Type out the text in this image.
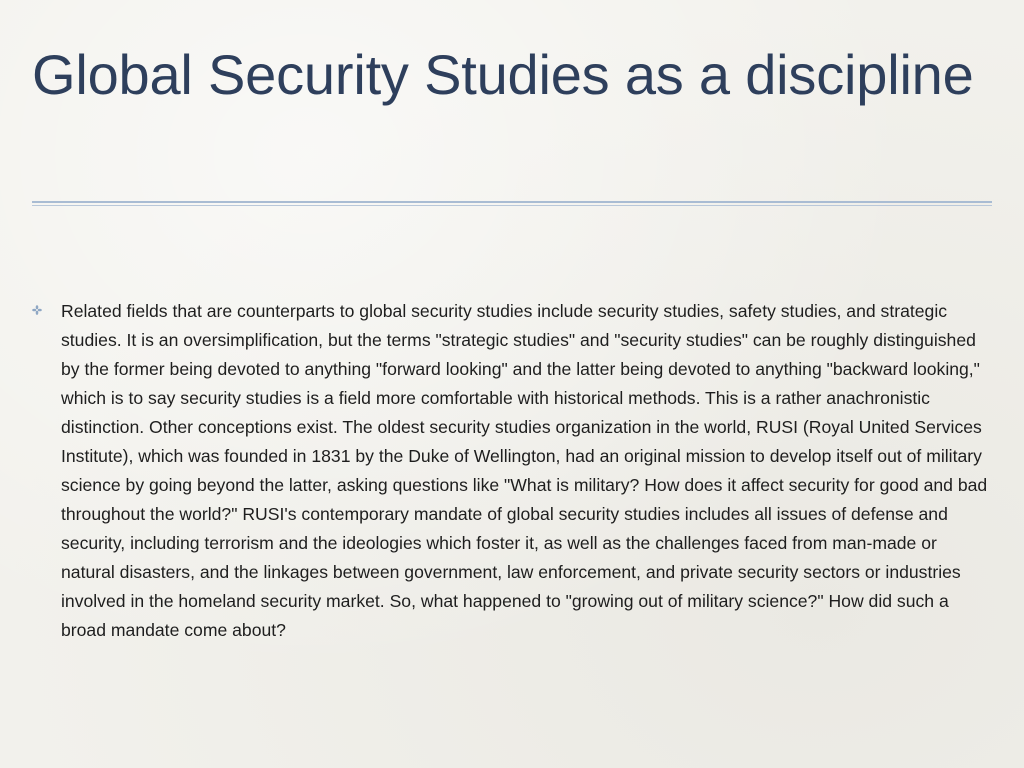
Global Security Studies as a discipline
Related fields that are counterparts to global security studies include security studies, safety studies, and strategic studies. It is an oversimplification, but the terms "strategic studies" and "security studies" can be roughly distinguished by the former being devoted to anything "forward looking" and the latter being devoted to anything "backward looking," which is to say security studies is a field more comfortable with historical methods. This is a rather anachronistic distinction. Other conceptions exist. The oldest security studies organization in the world, RUSI (Royal United Services Institute), which was founded in 1831 by the Duke of Wellington, had an original mission to develop itself out of military science by going beyond the latter, asking questions like "What is military? How does it affect security for good and bad throughout the world?" RUSI's contemporary mandate of global security studies includes all issues of defense and security, including terrorism and the ideologies which foster it, as well as the challenges faced from man-made or natural disasters, and the linkages between government, law enforcement, and private security sectors or industries involved in the homeland security market. So, what happened to "growing out of military science?" How did such a broad mandate come about?
